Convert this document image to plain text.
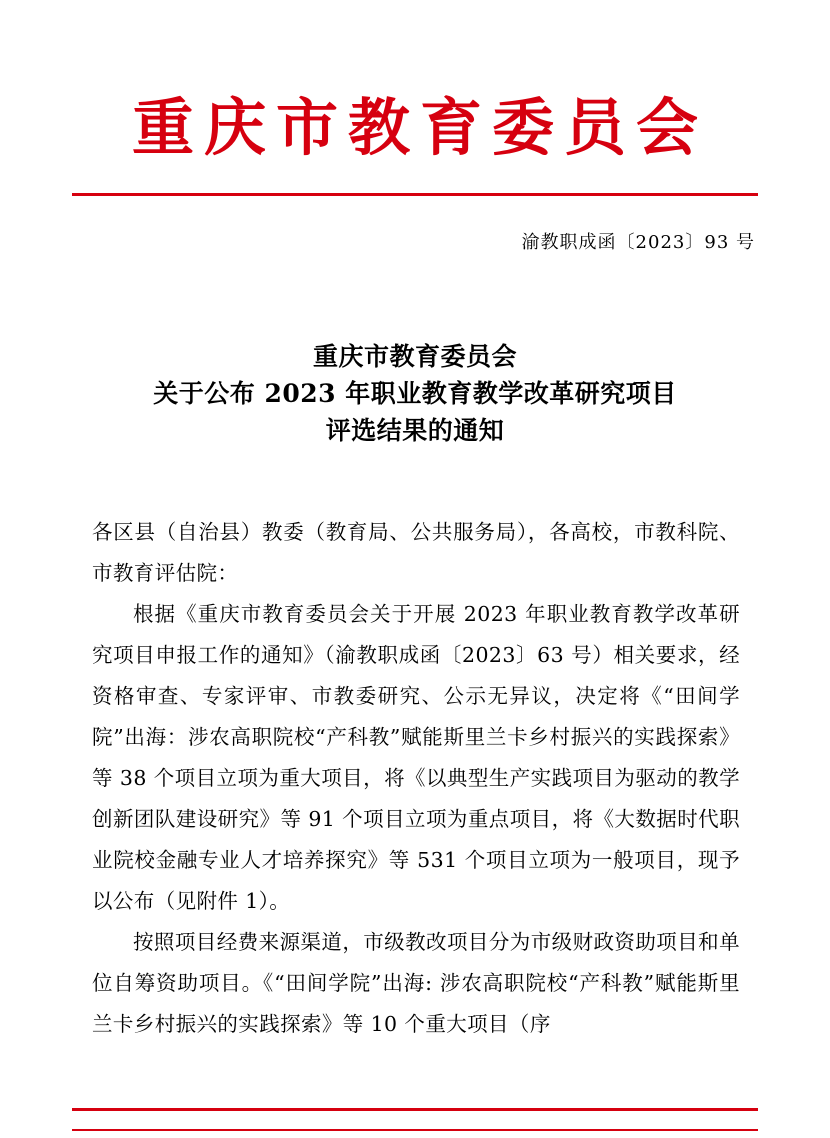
重庆市教育委员会
渝教职成函〔2023〕93 号
重庆市教育委员会
关于公布 2023 年职业教育教学改革研究项目
评选结果的通知

各区县（自治县）教委（教育局、公共服务局），各高校，市教科院、市教育评估院：

根据《重庆市教育委员会关于开展 2023 年职业教育教学改革研究项目申报工作的通知》（渝教职成函〔2023〕63 号）相关要求，经资格审查、专家评审、市教委研究、公示无异议，决定将《“田间学院”出海：涉农高职院校“产科教”赋能斯里兰卡乡村振兴的实践探索》等 38 个项目立项为重大项目，将《以典型生产实践项目为驱动的教学创新团队建设研究》等 91 个项目立项为重点项目，将《大数据时代职业院校金融专业人才培养探究》等 531 个项目立项为一般项目，现予以公布（见附件 1）。

按照项目经费来源渠道，市级教改项目分为市级财政资助项目和单位自筹资助项目。《“田间学院”出海: 涉农高职院校“产科教”赋能斯里兰卡乡村振兴的实践探索》等 10 个重大项目（序
